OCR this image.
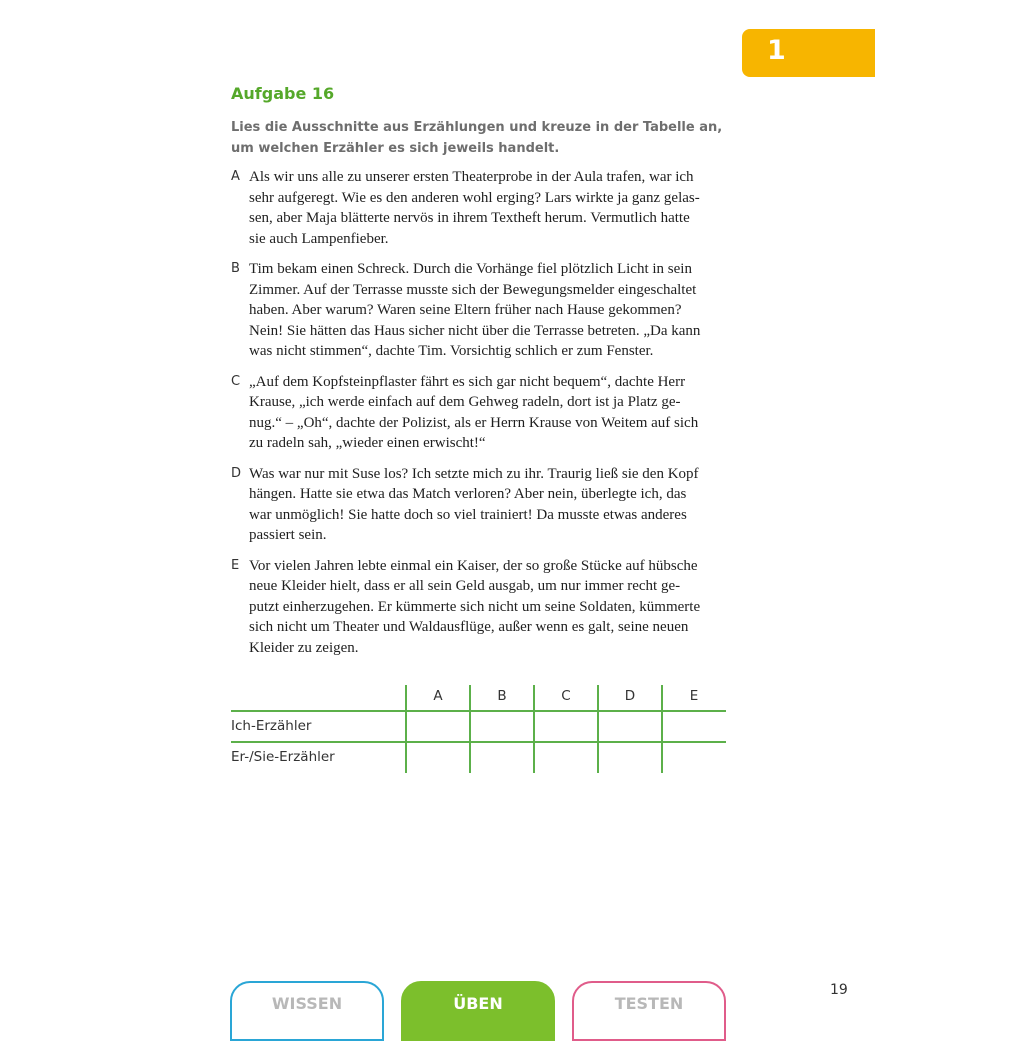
1
Aufgabe 16
Lies die Ausschnitte aus Erzählungen und kreuze in der Tabelle an,
um welchen Erzähler es sich jeweils handelt.
A Als wir uns alle zu unserer ersten Theaterprobe in der Aula trafen, war ich
sehr aufgeregt. Wie es den anderen wohl erging? Lars wirkte ja ganz gelas-
sen, aber Maja blätterte nervös in ihrem Textheft herum. Vermutlich hatte
sie auch Lampenfieber.
B Tim bekam einen Schreck. Durch die Vorhänge fiel plötzlich Licht in sein
Zimmer. Auf der Terrasse musste sich der Bewegungsmelder eingeschaltet
haben. Aber warum? Waren seine Eltern früher nach Hause gekommen?
Nein! Sie hätten das Haus sicher nicht über die Terrasse betreten. „Da kann
was nicht stimmen“, dachte Tim. Vorsichtig schlich er zum Fenster.
C „Auf dem Kopfsteinpflaster fährt es sich gar nicht bequem“, dachte Herr
Krause, „ich werde einfach auf dem Gehweg radeln, dort ist ja Platz ge-
nug.“ – „Oh“, dachte der Polizist, als er Herrn Krause von Weitem auf sich
zu radeln sah, „wieder einen erwischt!“
D Was war nur mit Suse los? Ich setzte mich zu ihr. Traurig ließ sie den Kopf
hängen. Hatte sie etwa das Match verloren? Aber nein, überlegte ich, das
war unmöglich! Sie hatte doch so viel trainiert! Da musste etwas anderes
passiert sein.
E Vor vielen Jahren lebte einmal ein Kaiser, der so große Stücke auf hübsche
neue Kleider hielt, dass er all sein Geld ausgab, um nur immer recht ge-
putzt einherzugehen. Er kümmerte sich nicht um seine Soldaten, kümmerte
sich nicht um Theater und Waldausflüge, außer wenn es galt, seine neuen
Kleider zu zeigen.
A	B	C	D	E
Ich-Erzähler
Er-/Sie-Erzähler
WISSEN	ÜBEN	TESTEN
19
